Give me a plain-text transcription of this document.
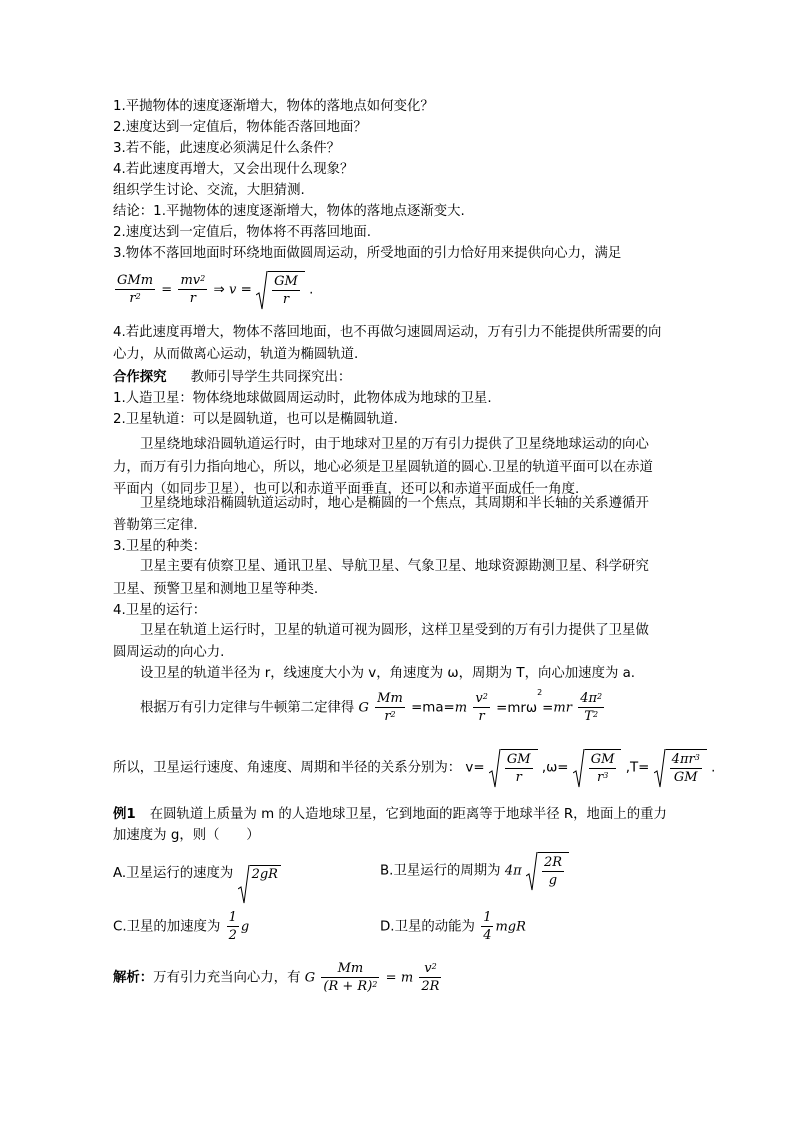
1.平抛物体的速度逐渐增大，物体的落地点如何变化？
2.速度达到一定值后，物体能否落回地面？
3.若不能，此速度必须满足什么条件？
4.若此速度再增大，又会出现什么现象？
组织学生讨论、交流，大胆猜测.
结论：1.平抛物体的速度逐渐增大，物体的落地点逐渐变大.
2.速度达到一定值后，物体将不再落回地面.
3.物体不落回地面时环绕地面做圆周运动，所受地面的引力恰好用来提供向心力，满足
$\frac{\text{GMm}}{r^2} = \frac{mv^2}{r}$ ⇒ $v = \frac{GM}{r}$ .
4.若此速度再增大，物体不落回地面，也不再做匀速圆周运动，万有引力不能提供所需要的向
心力，从而做离心运动，轨道为椭圆轨道.
合作探究 教师引导学生共同探究出：
1.人造卫星：物体绕地球做圆周运动时，此物体成为地球的卫星.
2.卫星轨道：可以是圆轨道，也可以是椭圆轨道.
卫星绕地球沿圆轨道运行时，由于地球对卫星的万有引力提供了卫星绕地球运动的向心
力，而万有引力指向地心，所以，地心必须是卫星圆轨道的圆心.卫星的轨道平面可以在赤道
平面内（如同步卫星），也可以和赤道平面垂直，还可以和赤道平面成任一角度.
卫星绕地球沿椭圆轨道运动时，地心是椭圆的一个焦点，其周期和半长轴的关系遵循开
普勒第三定律.
3.卫星的种类：
卫星主要有侦察卫星、通讯卫星、导航卫星、气象卫星、地球资源勘测卫星、科学研究
卫星、预警卫星和测地卫星等种类.
4.卫星的运行：
卫星在轨道上运行时，卫星的轨道可视为圆形，这样卫星受到的万有引力提供了卫星做
圆周运动的向心力.
设卫星的轨道半径为 r，线速度大小为 v，角速度为 ω，周期为 T，向心加速度为 a.
根据万有引力定律与牛顿第二定律得 G $\frac{Mm}{r^2} =ma=m \frac{v^2}{r} =mr\omega^2=mr \frac{4\pi^2}{T^2}$
所以，卫星运行速度、角速度、周期和半径的关系分别为： $v= \frac{GM}{r} ,\omega= \frac{GM}{r^3} ,T= \frac{4\pi r^3}{GM}$ .
例1 在圆轨道上质量为 m 的人造地球卫星，它到地面的距离等于地球半径 R，地面上的重力
加速度为 g，则（　　）
A.卫星运行的速度为 2gR	B.卫星运行的周期为 $4\pi \frac{2R}{g}$
C.卫星的加速度为 $\frac{1}{2}$ g	D.卫星的动能为 $\frac{1}{4}$ mgR
解析：万有引力充当向心力，有 G $\frac{Mm}{(R + R)^2} = m \frac{v^2}{2R}$
